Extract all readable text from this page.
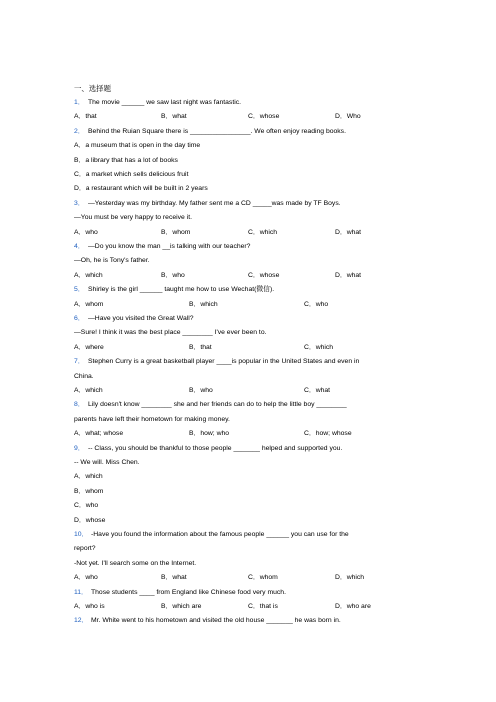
一、选择题
1． The movie ______ we saw last night was fantastic.
A．that	B．what	C．whose	D．Who
2． Behind the Ruian Square there is ________________. We often enjoy reading books.
A．a museum that is open in the day time
B．a library that has a lot of books
C．a market which sells delicious fruit
D．a restaurant which will be built in 2 years
3． —Yesterday was my birthday. My father sent me a CD _____was made by TF Boys.
—You must be very happy to receive it.
A．who	B．whom	C．which	D．what
4． —Do you know the man __is talking with our teacher?
—Oh, he is Tony's father.
A．which	B．who	C．whose	D．what
5． Shirley is the girl ______ taught me how to use Wechat(微信).
A．whom	B．which	C．who
6． —Have you visited the Great Wall?
—Sure! I think it was the best place ________ I've ever been to.
A．where	B．that	C．which
7． Stephen Curry is a great basketball player ____is popular in the United States and even in
China.
A．which	B．who	C．what
8． Lily doesn't know ________ she and her friends can do to help the little boy ________
parents have left their hometown for making money.
A．what; whose	B．how; who	C．how; whose
9． -- Class, you should be thankful to those people _______ helped and supported you.
-- We will. Miss Chen.
A．which
B．whom
C．who
D．whose
10． -Have you found the information about the famous people ______ you can use for the
report?
-Not yet. I'll search some on the Internet.
A．who	B．what	C．whom	D．which
11． Those students ____ from England like Chinese food very much.
A．who is	B．which are	C．that is	D．who are
12． Mr. White went to his hometown and visited the old house _______ he was born in.
